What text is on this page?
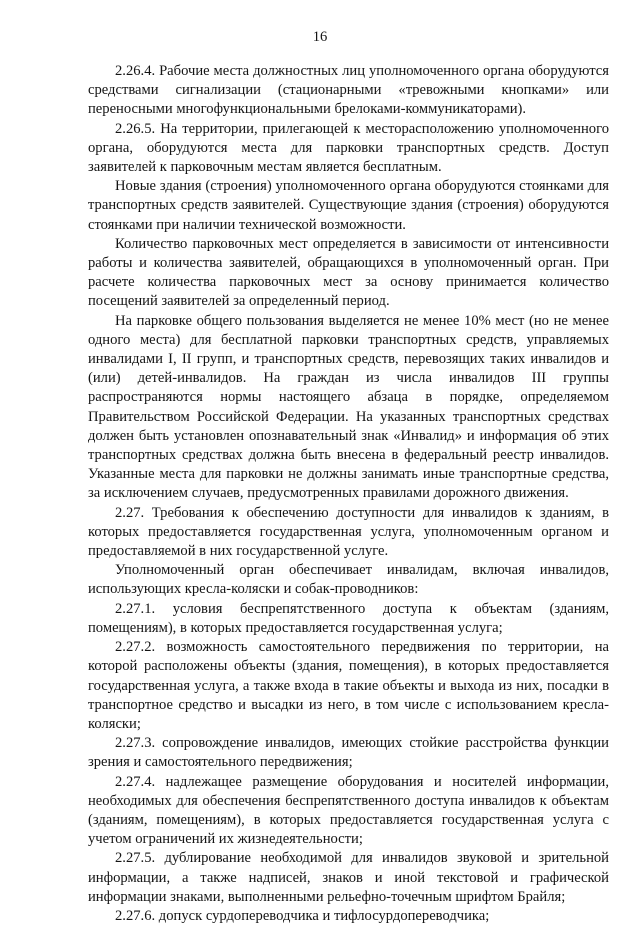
16

2.26.4. Рабочие места должностных лиц уполномоченного органа оборудуются средствами сигнализации (стационарными «тревожными кнопками» или переносными многофункциональными брелоками-коммуникаторами).

2.26.5. На территории, прилегающей к месторасположению уполномоченного органа, оборудуются места для парковки транспортных средств. Доступ заявителей к парковочным местам является бесплатным.

Новые здания (строения) уполномоченного органа оборудуются стоянками для транспортных средств заявителей. Существующие здания (строения) оборудуются стоянками при наличии технической возможности.

Количество парковочных мест определяется в зависимости от интенсивности работы и количества заявителей, обращающихся в уполномоченный орган. При расчете количества парковочных мест за основу принимается количество посещений заявителей за определенный период.

На парковке общего пользования выделяется не менее 10% мест (но не менее одного места) для бесплатной парковки транспортных средств, управляемых инвалидами I, II групп, и транспортных средств, перевозящих таких инвалидов и (или) детей-инвалидов. На граждан из числа инвалидов III группы распространяются нормы настоящего абзаца в порядке, определяемом Правительством Российской Федерации. На указанных транспортных средствах должен быть установлен опознавательный знак «Инвалид» и информация об этих транспортных средствах должна быть внесена в федеральный реестр инвалидов. Указанные места для парковки не должны занимать иные транспортные средства, за исключением случаев, предусмотренных правилами дорожного движения.

2.27. Требования к обеспечению доступности для инвалидов к зданиям, в которых предоставляется государственная услуга, уполномоченным органом и предоставляемой в них государственной услуге.

Уполномоченный орган обеспечивает инвалидам, включая инвалидов, использующих кресла-коляски и собак-проводников:

2.27.1. условия беспрепятственного доступа к объектам (зданиям, помещениям), в которых предоставляется государственная услуга;

2.27.2. возможность самостоятельного передвижения по территории, на которой расположены объекты (здания, помещения), в которых предоставляется государственная услуга, а также входа в такие объекты и выхода из них, посадки в транспортное средство и высадки из него, в том числе с использованием кресла-коляски;

2.27.3. сопровождение инвалидов, имеющих стойкие расстройства функции зрения и самостоятельного передвижения;

2.27.4. надлежащее размещение оборудования и носителей информации, необходимых для обеспечения беспрепятственного доступа инвалидов к объектам (зданиям, помещениям), в которых предоставляется государственная услуга с учетом ограничений их жизнедеятельности;

2.27.5. дублирование необходимой для инвалидов звуковой и зрительной информации, а также надписей, знаков и иной текстовой и графической информации знаками, выполненными рельефно-точечным шрифтом Брайля;

2.27.6. допуск сурдопереводчика и тифлосурдопереводчика;
